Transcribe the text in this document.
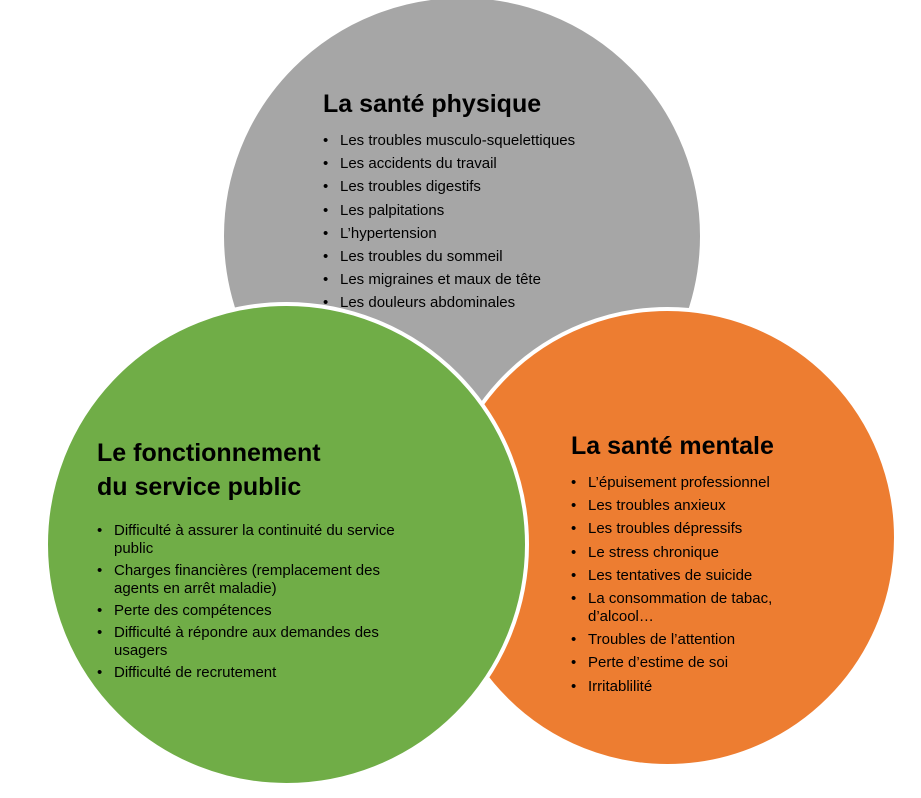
La santé physique
• Les troubles musculo-squelettiques
• Les accidents du travail
• Les troubles digestifs
• Les palpitations
• L’hypertension
• Les troubles du sommeil
• Les migraines et maux de tête
• Les douleurs abdominales
La santé mentale
• L’épuisement professionnel
• Les troubles anxieux
• Les troubles dépressifs
• Le stress chronique
• Les tentatives de suicide
• La consommation de tabac, d’alcool…
• Troubles de l’attention
• Perte d’estime de soi
• Irritablilité
Le fonctionnement
du service public
• Difficulté à assurer la continuité du service public
• Charges financières (remplacement des agents en arrêt maladie)
• Perte des compétences
• Difficulté à répondre aux demandes des usagers
• Difficulté de recrutement
